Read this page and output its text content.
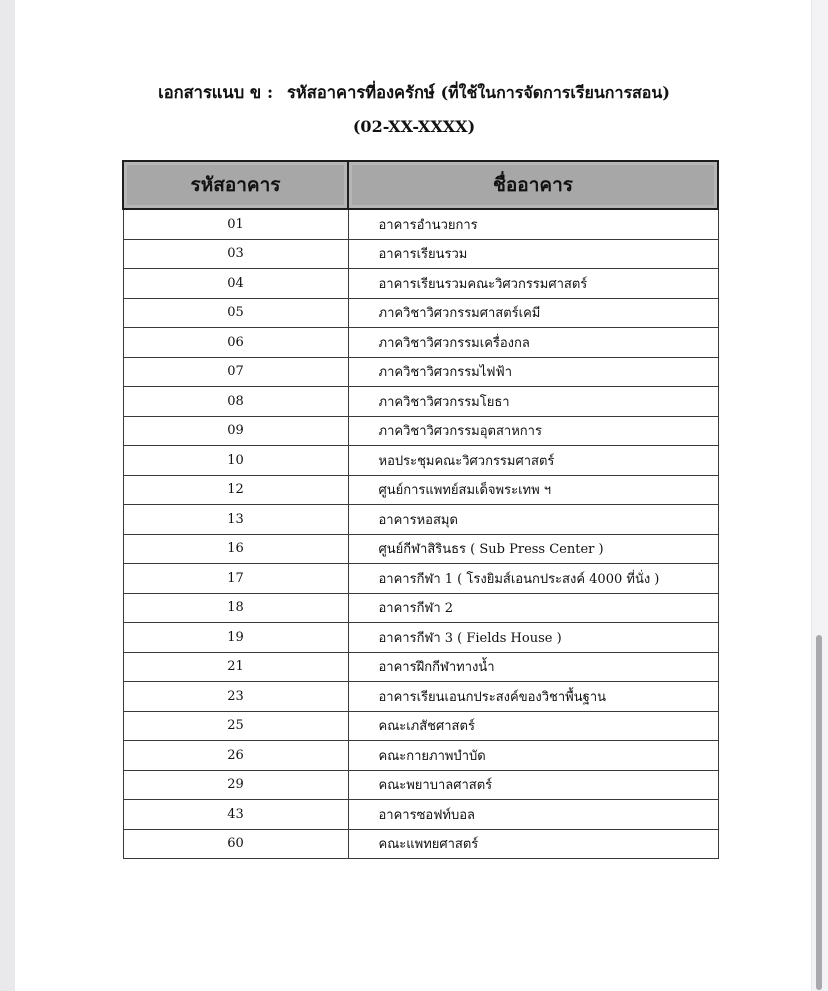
เอกสารแนบ ข : รหัสอาคารที่องครักษ์ (ที่ใช้ในการจัดการเรียนการสอน)
(02-XX-XXXX)
รหัสอาคาร	ชื่ออาคาร
01	อาคารอำนวยการ
03	อาคารเรียนรวม
04	อาคารเรียนรวมคณะวิศวกรรมศาสตร์
05	ภาควิชาวิศวกรรมศาสตร์เคมี
06	ภาควิชาวิศวกรรมเครื่องกล
07	ภาควิชาวิศวกรรมไฟฟ้า
08	ภาควิชาวิศวกรรมโยธา
09	ภาควิชาวิศวกรรมอุตสาหการ
10	หอประชุมคณะวิศวกรรมศาสตร์
12	ศูนย์การแพทย์สมเด็จพระเทพ ฯ
13	อาคารหอสมุด
16	ศูนย์กีฬาสิรินธร ( Sub Press Center )
17	อาคารกีฬา 1 ( โรงยิมส์เอนกประสงค์ 4000 ที่นั่ง )
18	อาคารกีฬา 2
19	อาคารกีฬา 3 ( Fields House )
21	อาคารฝึกกีฬาทางน้ำ
23	อาคารเรียนเอนกประสงค์ของวิชาพื้นฐาน
25	คณะเภสัชศาสตร์
26	คณะกายภาพบำบัด
29	คณะพยาบาลศาสตร์
43	อาคารซอฟท์บอล
60	คณะแพทยศาสตร์
